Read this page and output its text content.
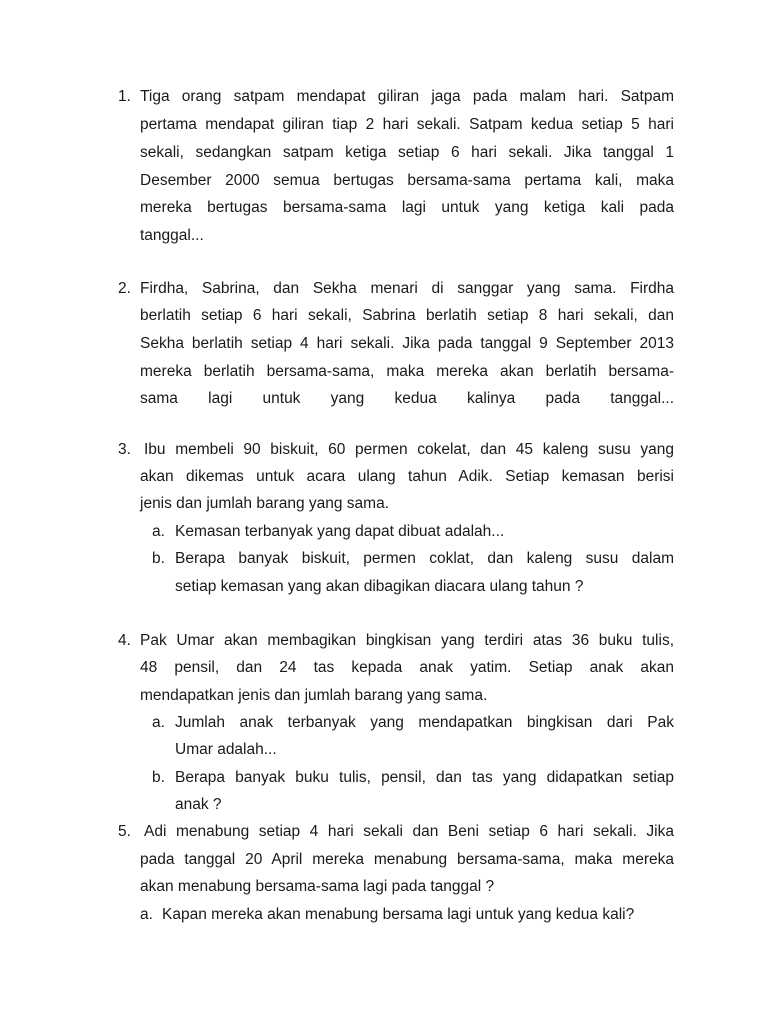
1. Tiga orang satpam mendapat giliran jaga pada malam hari. Satpam
pertama mendapat giliran tiap 2 hari sekali. Satpam kedua setiap 5 hari
sekali, sedangkan satpam ketiga setiap 6 hari sekali. Jika tanggal 1
Desember 2000 semua bertugas bersama-sama pertama kali, maka
mereka bertugas bersama-sama lagi untuk yang ketiga kali pada
tanggal...
2. Firdha, Sabrina, dan Sekha menari di sanggar yang sama. Firdha
berlatih setiap 6 hari sekali, Sabrina berlatih setiap 8 hari sekali, dan
Sekha berlatih setiap 4 hari sekali. Jika pada tanggal 9 September 2013
mereka berlatih bersama-sama, maka mereka akan berlatih bersama-
sama lagi untuk yang kedua kalinya pada tanggal...
3. Ibu membeli 90 biskuit, 60 permen cokelat, dan 45 kaleng susu yang
akan dikemas untuk acara ulang tahun Adik. Setiap kemasan berisi
jenis dan jumlah barang yang sama.
a. Kemasan terbanyak yang dapat dibuat adalah...
b. Berapa banyak biskuit, permen coklat, dan kaleng susu dalam
setiap kemasan yang akan dibagikan diacara ulang tahun ?
4. Pak Umar akan membagikan bingkisan yang terdiri atas 36 buku tulis,
48 pensil, dan 24 tas kepada anak yatim. Setiap anak akan
mendapatkan jenis dan jumlah barang yang sama.
a. Jumlah anak terbanyak yang mendapatkan bingkisan dari Pak
Umar adalah...
b. Berapa banyak buku tulis, pensil, dan tas yang didapatkan setiap
anak ?
5. Adi menabung setiap 4 hari sekali dan Beni setiap 6 hari sekali. Jika
pada tanggal 20 April mereka menabung bersama-sama, maka mereka
akan menabung bersama-sama lagi pada tanggal ?
a. Kapan mereka akan menabung bersama lagi untuk yang kedua kali?
